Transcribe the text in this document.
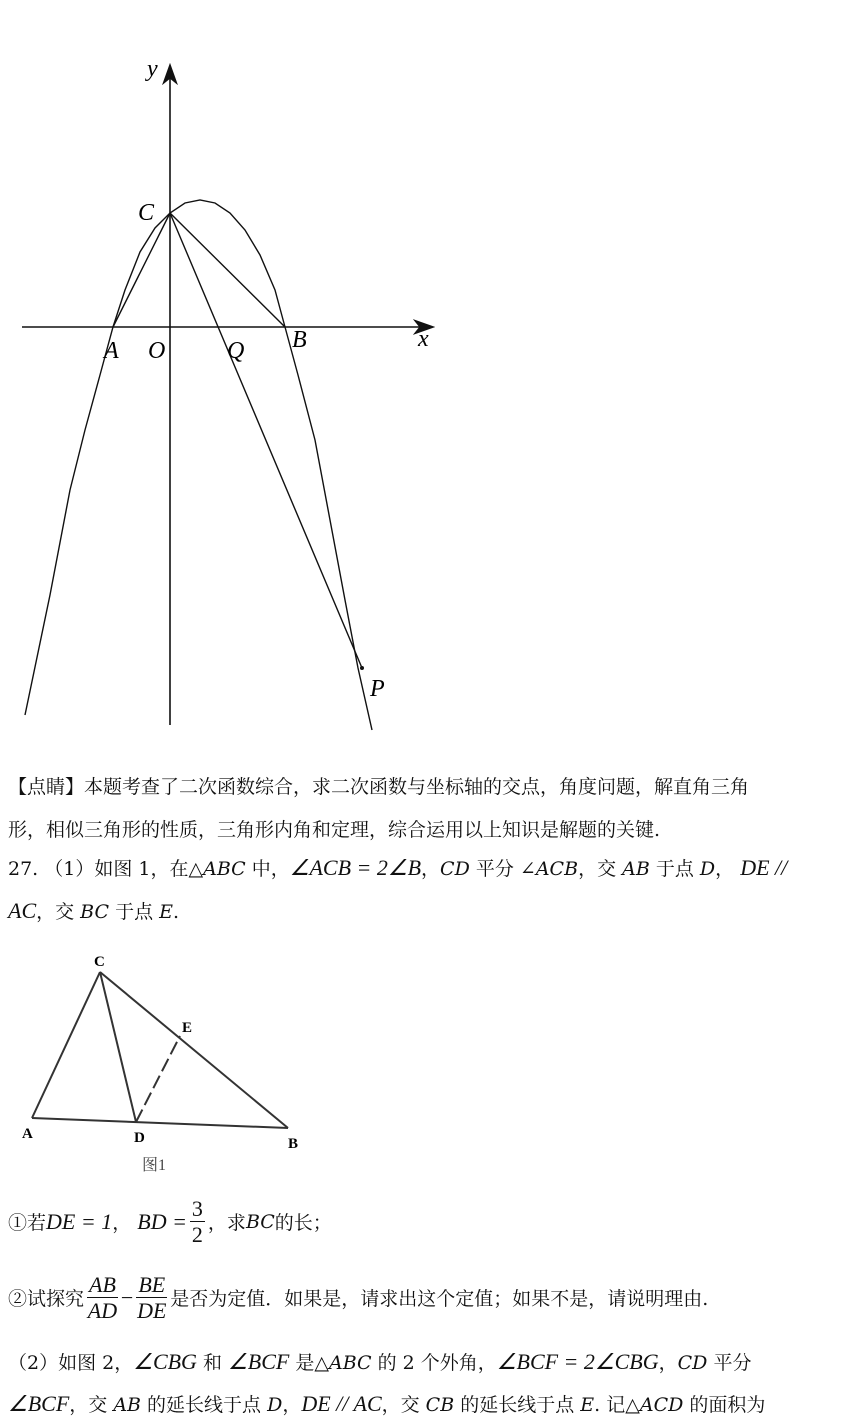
y
x
C
A O	Q B
P
【点睛】本题考查了二次函数综合，求二次函数与坐标轴的交点，角度问题，解直角三角
形，相似三角形的性质，三角形内角和定理，综合运用以上知识是解题的关键.
27. （1）如图 1，在△ABC 中，∠ACB = 2∠B，CD 平分 ∠ACB，交 AB 于点 D， DE //
AC，交 BC 于点 E.
C
E
A	D	B
图1
①若 DE = 1 ，
BD = $\frac{3}{2}$ ，求 BC 的长；
②试探究 $\frac{AB}{AD} - \frac{BE}{DE}$ 是否为定值．如果是，请求出这个定值；如果不是，请说明理由.
（2）如图 2，∠CBG 和 ∠BCF 是△ABC 的 2 个外角，∠BCF = 2∠CBG，CD 平分
∠BCF，交 AB 的延长线于点 D，DE // AC，交 CB 的延长线于点 E. 记△ACD 的面积为
